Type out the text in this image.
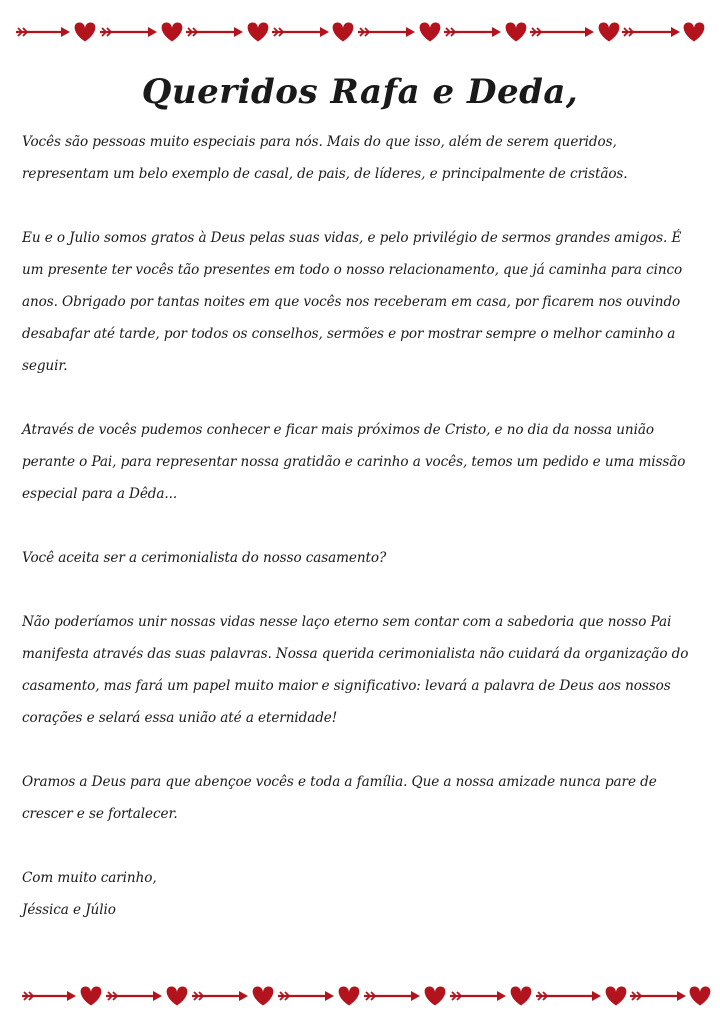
Queridos Rafa e Deda,

Vocês são pessoas muito especiais para nós. Mais do que isso, além de serem queridos, representam um belo exemplo de casal, de pais, de líderes, e principalmente de cristãos.

Eu e o Julio somos gratos à Deus pelas suas vidas, e pelo privilégio de sermos grandes amigos. É um presente ter vocês tão presentes em todo o nosso relacionamento, que já caminha para cinco anos. Obrigado por tantas noites em que vocês nos receberam em casa, por ficarem nos ouvindo desabafar até tarde, por todos os conselhos, sermões e por mostrar sempre o melhor caminho a seguir.

Através de vocês pudemos conhecer e ficar mais próximos de Cristo, e no dia da nossa união perante o Pai, para representar nossa gratidão e carinho a vocês, temos um pedido e uma missão especial para a Dêda...

Você aceita ser a cerimonialista do nosso casamento?

Não poderíamos unir nossas vidas nesse laço eterno sem contar com a sabedoria que nosso Pai manifesta através das suas palavras. Nossa querida cerimonialista não cuidará da organização do casamento, mas fará um papel muito maior e significativo: levará a palavra de Deus aos nossos corações e selará essa união até a eternidade!

Oramos a Deus para que abençoe vocês e toda a família. Que a nossa amizade nunca pare de crescer e se fortalecer.

Com muito carinho,

Jéssica e Júlio
